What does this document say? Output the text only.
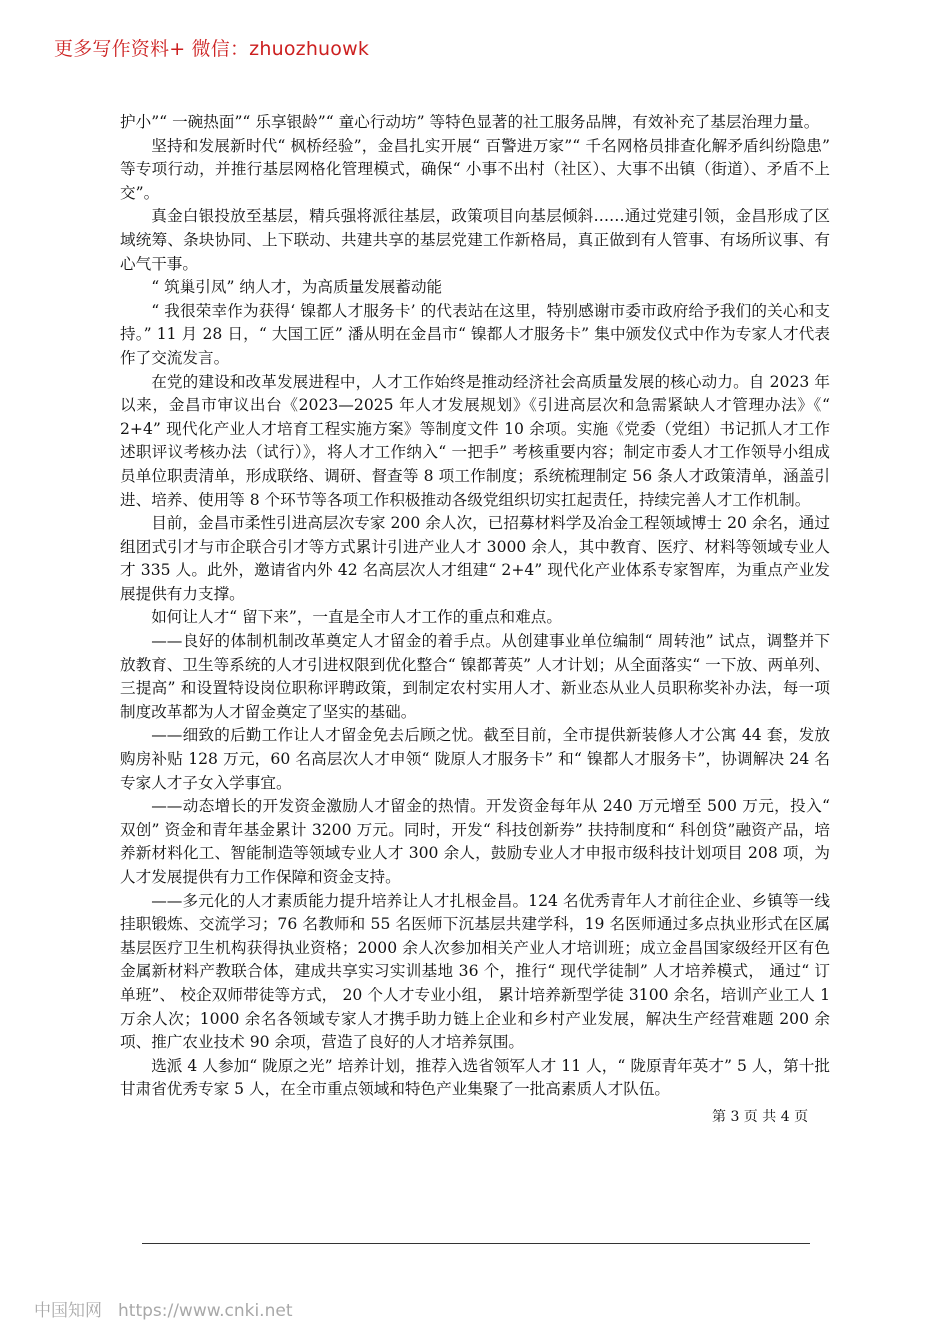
更多写作资料+ 微信：zhuozhuowk

护小”“ 一碗热面”“ 乐享银龄”“ 童心行动坊” 等特色显著的社工服务品牌，有效补充了基层治理力量。

坚持和发展新时代“ 枫桥经验”，金昌扎实开展“ 百警进万家”“ 千名网格员排查化解矛盾纠纷隐患” 等专项行动，并推行基层网格化管理模式，确保“ 小事不出村（社区）、大事不出镇（街道）、矛盾不上交”。

真金白银投放至基层，精兵强将派往基层，政策项目向基层倾斜……通过党建引领，金昌形成了区域统筹、条块协同、上下联动、共建共享的基层党建工作新格局，真正做到有人管事、有场所议事、有心气干事。

“ 筑巢引凤” 纳人才，为高质量发展蓄动能

“ 我很荣幸作为获得‘ 镍都人才服务卡’ 的代表站在这里，特别感谢市委市政府给予我们的关心和支持。” 11 月 28 日，“ 大国工匠” 潘从明在金昌市“ 镍都人才服务卡” 集中颁发仪式中作为专家人才代表作了交流发言。

在党的建设和改革发展进程中，人才工作始终是推动经济社会高质量发展的核心动力。自 2023 年以来，金昌市审议出台《2023—2025 年人才发展规划》《引进高层次和急需紧缺人才管理办法》《“ 2+4” 现代化产业人才培育工程实施方案》等制度文件 10 余项。实施《党委（党组）书记抓人才工作述职评议考核办法（试行）》，将人才工作纳入“ 一把手” 考核重要内容；制定市委人才工作领导小组成员单位职责清单，形成联络、调研、督查等 8 项工作制度；系统梳理制定 56 条人才政策清单，涵盖引进、培养、使用等 8 个环节等各项工作积极推动各级党组织切实扛起责任，持续完善人才工作机制。

目前，金昌市柔性引进高层次专家 200 余人次，已招募材料学及冶金工程领域博士 20 余名，通过组团式引才与市企联合引才等方式累计引进产业人才 3000 余人，其中教育、医疗、材料等领域专业人才 335 人。此外，邀请省内外 42 名高层次人才组建“ 2+4” 现代化产业体系专家智库，为重点产业发展提供有力支撑。

如何让人才“ 留下来”，一直是全市人才工作的重点和难点。

——良好的体制机制改革奠定人才留金的着手点。从创建事业单位编制“ 周转池” 试点，调整并下放教育、卫生等系统的人才引进权限到优化整合“ 镍都菁英” 人才计划；从全面落实“ 一下放、两单列、三提高” 和设置特设岗位职称评聘政策，到制定农村实用人才、新业态从业人员职称奖补办法，每一项制度改革都为人才留金奠定了坚实的基础。

——细致的后勤工作让人才留金免去后顾之忧。截至目前，全市提供新装修人才公寓 44 套，发放购房补贴 128 万元，60 名高层次人才申领“ 陇原人才服务卡” 和“ 镍都人才服务卡”，协调解决 24 名专家人才子女入学事宜。

——动态增长的开发资金激励人才留金的热情。开发资金每年从 240 万元增至 500 万元，投入“ 双创” 资金和青年基金累计 3200 万元。同时，开发“ 科技创新券” 扶持制度和“ 科创贷”融资产品，培养新材料化工、智能制造等领域专业人才 300 余人，鼓励专业人才申报市级科技计划项目 208 项，为人才发展提供有力工作保障和资金支持。

——多元化的人才素质能力提升培养让人才扎根金昌。124 名优秀青年人才前往企业、乡镇等一线挂职锻炼、交流学习；76 名教师和 55 名医师下沉基层共建学科，19 名医师通过多点执业形式在区属基层医疗卫生机构获得执业资格；2000 余人次参加相关产业人才培训班；成立金昌国家级经开区有色金属新材料产教联合体，建成共享实习实训基地 36 个，推行“ 现代学徒制” 人才培养模式， 通过“ 订单班”、 校企双师带徒等方式， 20 个人才专业小组， 累计培养新型学徒 3100 余名，培训产业工人 1 万余人次；1000 余名各领域专家人才携手助力链上企业和乡村产业发展，解决生产经营难题 200 余项、推广农业技术 90 余项，营造了良好的人才培养氛围。

选派 4 人参加“ 陇原之光” 培养计划，推荐入选省领军人才 11 人，“ 陇原青年英才” 5 人，第十批甘肃省优秀专家 5 人，在全市重点领域和特色产业集聚了一批高素质人才队伍。

第 3 页 共 4 页
中国知网 https://www.cnki.net
